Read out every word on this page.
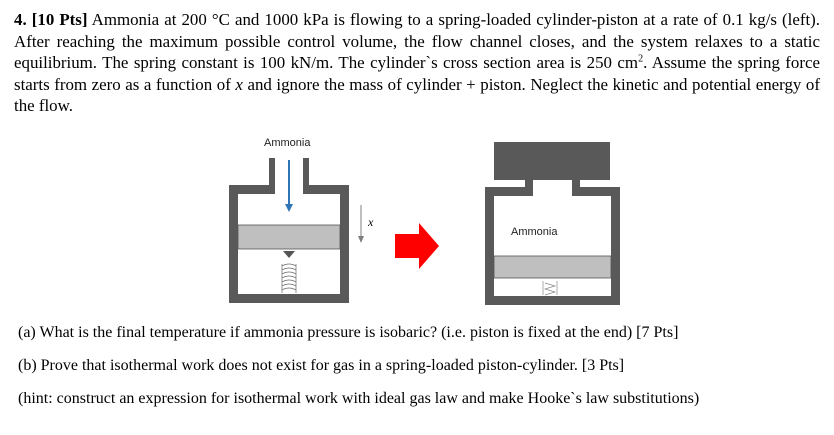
4. [10 Pts] Ammonia at 200 °C and 1000 kPa is flowing to a spring-loaded cylinder-piston at a rate of 0.1 kg/s (left). After reaching the maximum possible control volume, the flow channel closes, and the system relaxes to a static equilibrium. The spring constant is 100 kN/m. The cylinder`s cross section area is 250 $cm^2$. Assume the spring force starts from zero as a function of x and ignore the mass of cylinder + piston. Neglect the kinetic and potential energy of the flow.

Ammonia
x
Ammonia

(a) What is the final temperature if ammonia pressure is isobaric? (i.e. piston is fixed at the end) [7 Pts]

(b) Prove that isothermal work does not exist for gas in a spring-loaded piston-cylinder. [3 Pts]

(hint: construct an expression for isothermal work with ideal gas law and make Hooke`s law substitutions)
